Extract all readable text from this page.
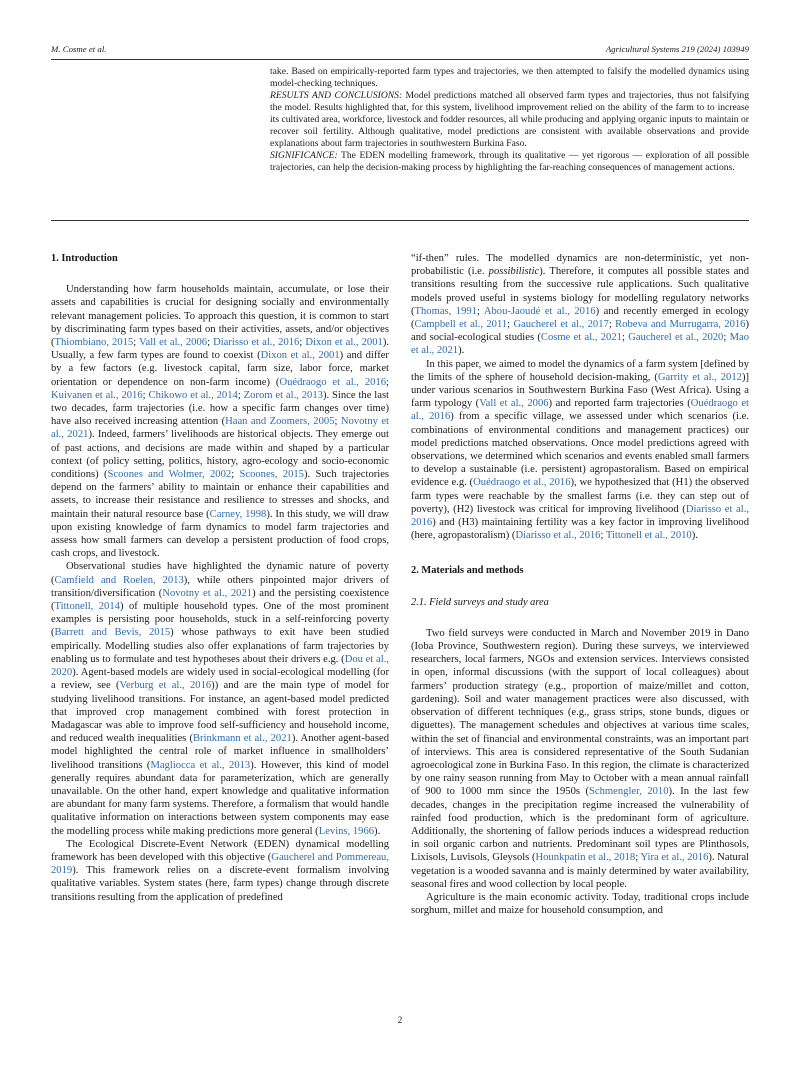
M. Cosme et al.	Agricultural Systems 219 (2024) 103949

take. Based on empirically-reported farm types and trajectories, we then attempted to falsify the modelled dynamics using model-checking techniques.

RESULTS AND CONCLUSIONS: Model predictions matched all observed farm types and trajectories, thus not falsifying the model. Results highlighted that, for this system, livelihood improvement relied on the ability of the farm to to increase its cultivated area, workforce, livestock and fodder resources, all while producing and applying organic inputs to maintain or recover soil fertility. Although qualitative, model predictions are consistent with available observations and provide explanations about farm trajectories in southwestern Burkina Faso.

SIGNIFICANCE: The EDEN modelling framework, through its qualitative — yet rigorous — exploration of all possible trajectories, can help the decision-making process by highlighting the far-reaching consequences of management actions.

1. Introduction

Understanding how farm households maintain, accumulate, or lose their assets and capabilities is crucial for designing socially and environmentally relevant management policies. To approach this question, it is common to start by discriminating farm types based on their activities, assets, and/or objectives (Thiombiano, 2015; Vall et al., 2006; Diarisso et al., 2016; Dixon et al., 2001). Usually, a few farm types are found to coexist (Dixon et al., 2001) and differ by a few factors (e.g. livestock capital, farm size, labor force, market orientation or dependence on non-farm income) (Ouédraogo et al., 2016; Kuivanen et al., 2016; Chikowo et al., 2014; Zorom et al., 2013). Since the last two decades, farm trajectories (i.e. how a specific farm changes over time) have also received increasing attention (Haan and Zoomers, 2005; Novotny et al., 2021). Indeed, farmers’ livelihoods are historical objects. They emerge out of past actions, and decisions are made within and shaped by a particular context (of policy setting, politics, history, agro-ecology and socio-economic conditions) (Scoones and Wolmer, 2002; Scoones, 2015). Such trajectories depend on the farmers’ ability to maintain or enhance their capabilities and assets, to increase their resistance and resilience to stresses and shocks, and maintain their natural resource base (Carney, 1998). In this study, we will draw upon existing knowledge of farm dynamics to model farm trajectories and assess how small farmers can develop a persistent production of food crops, cash crops, and livestock.

Observational studies have highlighted the dynamic nature of poverty (Camfield and Roelen, 2013), while others pinpointed major drivers of transition/diversification (Novotny et al., 2021) and the persisting coexistence (Tittonell, 2014) of multiple household types. One of the most prominent examples is persisting poor households, stuck in a self-reinforcing poverty (Barrett and Bevis, 2015) whose pathways to exit have been studied empirically. Modelling studies also offer explanations of farm trajectories by enabling us to formulate and test hypotheses about their drivers e.g. (Dou et al., 2020). Agent-based models are widely used in social-ecological modelling (for a review, see (Verburg et al., 2016)) and are the main type of model for studying livelihood transitions. For instance, an agent-based model predicted that improved crop management combined with forest protection in Madagascar was able to improve food self-sufficiency and household income, and reduced wealth inequalities (Brinkmann et al., 2021). Another agent-based model highlighted the central role of market influence in smallholders’ livelihood transitions (Magliocca et al., 2013). However, this kind of model generally requires abundant data for parameterization, which are generally unavailable. On the other hand, expert knowledge and qualitative information are abundant for many farm systems. Therefore, a formalism that would handle qualitative information on interactions between system components may ease the modelling process while making predictions more general (Levins, 1966).

The Ecological Discrete-Event Network (EDEN) dynamical modelling framework has been developed with this objective (Gaucherel and Pommereau, 2019). This framework relies on a discrete-event formalism involving qualitative variables. System states (here, farm types) change through discrete transitions resulting from the application of predefined

“if-then” rules. The modelled dynamics are non-deterministic, yet non-probabilistic (i.e. possibilistic). Therefore, it computes all possible states and transitions resulting from the successive rule applications. Such qualitative models proved useful in systems biology for modelling regulatory networks (Thomas, 1991; Abou-Jaoudé et al., 2016) and recently emerged in ecology (Campbell et al., 2011; Gaucherel et al., 2017; Robeva and Murrugarra, 2016) and social-ecological studies (Cosme et al., 2021; Gaucherel et al., 2020; Mao et al., 2021).

In this paper, we aimed to model the dynamics of a farm system [defined by the limits of the sphere of household decision-making, (Garrity et al., 2012)] under various scenarios in Southwestern Burkina Faso (West Africa). Using a farm typology (Vall et al., 2006) and reported farm trajectories (Ouédraogo et al., 2016) from a specific village, we assessed under which scenarios (i.e. combinations of environmental conditions and management practices) our model predictions matched observations. Once model predictions agreed with observations, we determined which scenarios and events enabled small farmers to develop a sustainable (i.e. persistent) agropastoralism. Based on empirical evidence e.g. (Ouédraogo et al., 2016), we hypothesized that (H1) the observed farm types were reachable by the smallest farms (i.e. they can step out of poverty), (H2) livestock was critical for improving livelihood (Diarisso et al., 2016) and (H3) maintaining fertility was a key factor in improving livelihood (here, agropastoralism) (Diarisso et al., 2016; Tittonell et al., 2010).

2. Materials and methods
2.1. Field surveys and study area

Two field surveys were conducted in March and November 2019 in Dano (Ioba Province, Southwestern region). During these surveys, we interviewed researchers, local farmers, NGOs and extension services. Interviews consisted in open, informal discussions (with the support of local colleagues) about farmers’ production strategy (e.g., proportion of maize/millet and cotton, gardening). Soil and water management practices were also discussed, with observation of different techniques (e.g., grass strips, stone bunds, digues or diguettes). The management schedules and objectives at various time scales, within the set of financial and environmental constraints, was an important part of interviews. This area is considered representative of the South Sudanian agroecological zone in Burkina Faso. In this region, the climate is characterized by one rainy season running from May to October with a mean annual rainfall of 900 to 1000 mm since the 1950s (Schmengler, 2010). In the last few decades, changes in the precipitation regime increased the vulnerability of rainfed food production, which is the predominant form of agriculture. Additionally, the shortening of fallow periods induces a widespread reduction in soil organic carbon and nutrients. Predominant soil types are Plinthosols, Lixisols, Luvisols, Gleysols (Hounkpatin et al., 2018; Yira et al., 2016). Natural vegetation is a wooded savanna and is mainly determined by water availability, seasonal fires and wood collection by local people.

Agriculture is the main economic activity. Today, traditional crops include sorghum, millet and maize for household consumption, and

2
